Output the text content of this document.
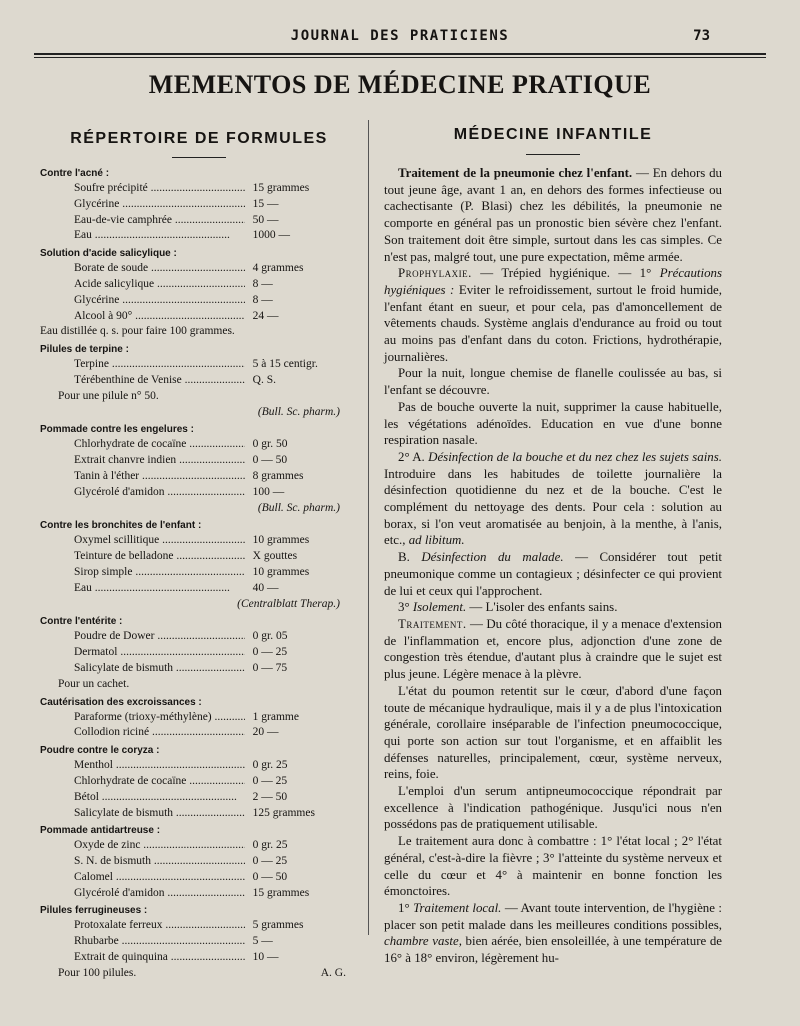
JOURNAL DES PRATICIENS	73
MEMENTOS DE MÉDECINE PRATIQUE
RÉPERTOIRE DE FORMULES
Contre l'acné :
Soufre précipité .....	15 grammes
Glycérine .....	15 —
Eau-de-vie camphrée .....	50 —
Eau .....	1000 —
Solution d'acide salicylique :
Borate de soude .....	4 grammes
Acide salicylique .....	8 —
Glycérine .....	8 —
Alcool à 90° .....	24 —
Eau distillée q. s. pour faire 100 grammes.
Pilules de terpine :
Terpine .....	5 à 15 centigr.
Térébenthine de Venise .....	Q. S.
Pour une pilule n° 50.
(Bull. Sc. pharm.)
Pommade contre les engelures :
Chlorhydrate de cocaïne .....	0 gr. 50
Extrait chanvre indien .....	0 — 50
Tanin à l'éther .....	8 grammes
Glycérolé d'amidon .....	100 —
(Bull. Sc. pharm.)
Contre les bronchites de l'enfant :
Oxymel scillitique .....	10 grammes
Teinture de belladone .....	X gouttes
Sirop simple .....	10 grammes
Eau .....	40 —
(Centralblatt Therap.)
Contre l'entérite :
Poudre de Dower .....	0 gr. 05
Dermatol .....	0 — 25
Salicylate de bismuth .....	0 — 75
Pour un cachet.
Cautérisation des excroissances :
Paraforme (trioxy-méthylène) .....	1 gramme
Collodion riciné .....	20 —
Poudre contre le coryza :
Menthol .....	0 gr. 25
Chlorhydrate de cocaïne .....	0 — 25
Bétol .....	2 — 50
Salicylate de bismuth .....	125 grammes
Pommade antidartreuse :
Oxyde de zinc .....	0 gr. 25
S. N. de bismuth .....	0 — 25
Calomel .....	0 — 50
Glycérolé d'amidon .....	15 grammes
Pilules ferrugineuses :
Protoxalate ferreux .....	5 grammes
Rhubarbe .....	5 —
Extrait de quinquina .....	10 —
Pour 100 pilules.	A. G.
MÉDECINE INFANTILE

Traitement de la pneumonie chez l'enfant. — En dehors du tout jeune âge, avant 1 an, en dehors des formes infectieuse ou cachectisante (P. Blasi) chez les débilités, la pneumonie ne comporte en général pas un pronostic bien sévère chez l'enfant. Son traitement doit être simple, surtout dans les cas simples. Ce n'est pas, malgré tout, une pure expectation, même armée.

Prophylaxie. — Trépied hygiénique. — 1° Précautions hygiéniques : Eviter le refroidissement, surtout le froid humide, l'enfant étant en sueur, et pour cela, pas d'amoncellement de vêtements chauds. Système anglais d'endurance au froid ou tout au moins pas d'enfant dans du coton. Frictions, hydrothérapie, journalières.

Pour la nuit, longue chemise de flanelle coulissée au bas, si l'enfant se découvre.

Pas de bouche ouverte la nuit, supprimer la cause habituelle, les végétations adénoïdes. Education en vue d'une bonne respiration nasale.

2° A. Désinfection de la bouche et du nez chez les sujets sains. Introduire dans les habitudes de toilette journalière la désinfection quotidienne du nez et de la bouche. C'est le complément du nettoyage des dents. Pour cela : solution au borax, si l'on veut aromatisée au benjoin, à la menthe, à l'anis, etc., ad libitum.

B. Désinfection du malade. — Considérer tout petit pneumonique comme un contagieux ; désinfecter ce qui provient de lui et ceux qui l'approchent.

3° Isolement. — L'isoler des enfants sains.

Traitement. — Du côté thoracique, il y a menace d'extension de l'inflammation et, encore plus, adjonction d'une zone de congestion très étendue, d'autant plus à craindre que le sujet est plus jeune. Légère menace à la plèvre.

L'état du poumon retentit sur le cœur, d'abord d'une façon toute de mécanique hydraulique, mais il y a de plus l'intoxication générale, corollaire inséparable de l'infection pneumococcique, qui porte son action sur tout l'organisme, et en affaiblit les défenses naturelles, principalement, cœur, système nerveux, reins, foie.

L'emploi d'un serum antipneumococcique répondrait par excellence à l'indication pathogénique. Jusqu'ici nous n'en possédons pas de pratiquement utilisable.

Le traitement aura donc à combattre : 1° l'état local ; 2° l'état général, c'est-à-dire la fièvre ; 3° l'atteinte du système nerveux et celle du cœur et 4° à maintenir en bonne fonction les émonctoires.

1° Traitement local. — Avant toute intervention, de l'hygiène : placer son petit malade dans les meilleures conditions possibles, chambre vaste, bien aérée, bien ensoleillée, à une température de 16° à 18° environ, légèrement hu-
